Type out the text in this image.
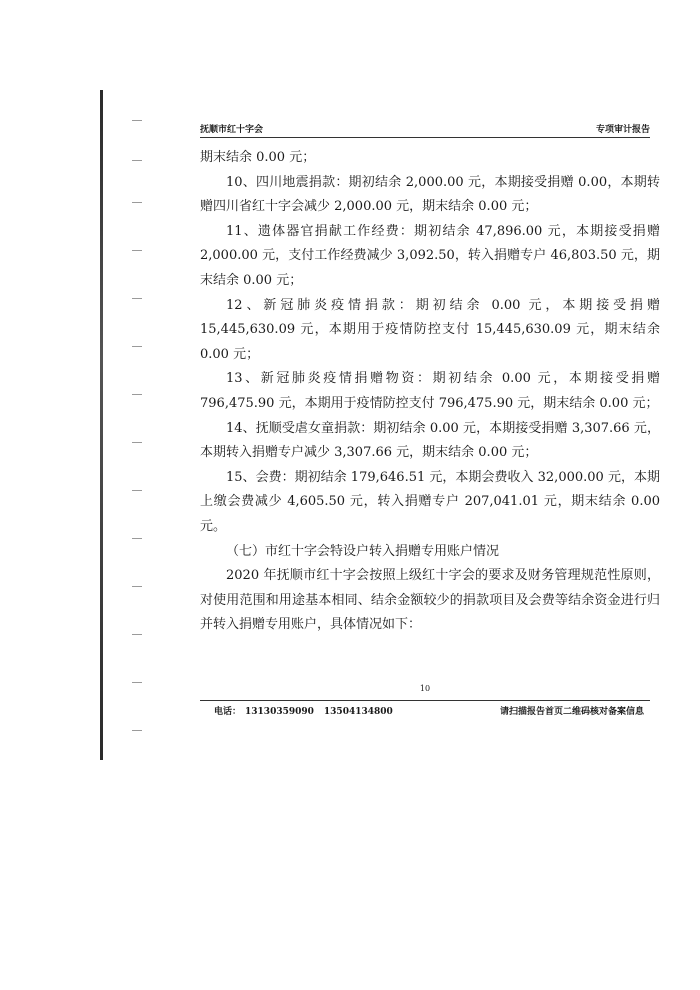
抚顺市红十字会	专项审计报告

期末结余 0.00 元；

10、四川地震捐款：期初结余 2,000.00 元，本期接受捐赠 0.00，本期转赠四川省红十字会减少 2,000.00 元，期末结余 0.00 元；

11、遗体器官捐献工作经费：期初结余 47,896.00 元，本期接受捐赠 2,000.00 元，支付工作经费减少 3,092.50，转入捐赠专户 46,803.50 元，期末结余 0.00 元；

12、新冠肺炎疫情捐款：期初结余 0.00 元，本期接受捐赠 15,445,630.09 元，本期用于疫情防控支付 15,445,630.09 元，期末结余 0.00 元；

13、新冠肺炎疫情捐赠物资：期初结余 0.00 元，本期接受捐赠 796,475.90 元，本期用于疫情防控支付 796,475.90 元，期末结余 0.00 元；

14、抚顺受虐女童捐款：期初结余 0.00 元，本期接受捐赠 3,307.66 元，本期转入捐赠专户减少 3,307.66 元，期末结余 0.00 元；

15、会费：期初结余 179,646.51 元，本期会费收入 32,000.00 元，本期上缴会费减少 4,605.50 元，转入捐赠专户 207,041.01 元，期末结余 0.00 元。

（七）市红十字会特设户转入捐赠专用账户情况

2020 年抚顺市红十字会按照上级红十字会的要求及财务管理规范性原则，对使用范围和用途基本相同、结余金额较少的捐款项目及会费等结余资金进行归并转入捐赠专用账户，具体情况如下：

10
电话： 13130359090 13504134800	请扫描报告首页二维码核对备案信息
